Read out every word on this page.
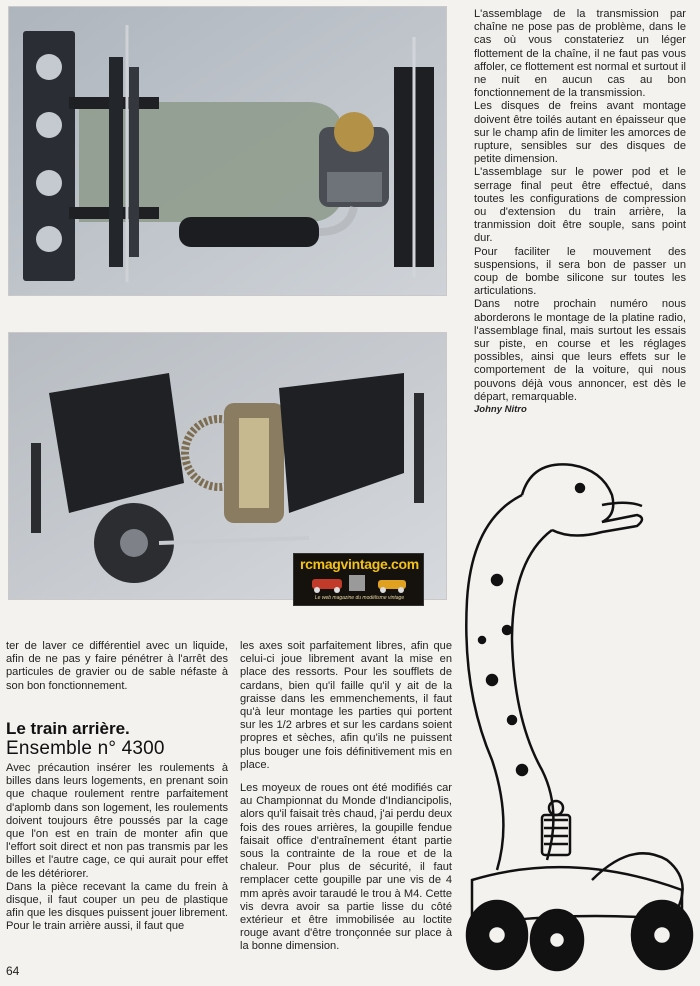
rcmagvintage.com
Le web magazine du modélisme vintage

L'assemblage de la transmission par chaîne ne pose pas de problème, dans le cas où vous constateriez un léger flottement de la chaîne, il ne faut pas vous affoler, ce flottement est normal et surtout il ne nuit en aucun cas au bon fonctionnement de la transmission.

Les disques de freins avant montage doivent être toilés autant en épaisseur que sur le champ afin de limiter les amorces de rupture, sensibles sur des disques de petite dimension.

L'assemblage sur le power pod et le serrage final peut être effectué, dans toutes les configurations de compression ou d'extension du train arrière, la tranmission doit être souple, sans point dur.

Pour faciliter le mouvement des suspensions, il sera bon de passer un coup de bombe silicone sur toutes les articulations.

Dans notre prochain numéro nous aborderons le montage de la platine radio, l'assemblage final, mais surtout les essais sur piste, en course et les réglages possibles, ainsi que leurs effets sur le comportement de la voiture, qui nous pouvons déjà vous annoncer, est dès le départ, remarquable.

Johny Nitro

ter de laver ce différentiel avec un liquide, afin de ne pas y faire pénétrer à l'arrêt des particules de gravier ou de sable néfaste à son bon fonctionnement.

Le train arrière.
Ensemble n° 4300

Avec précaution insérer les roulements à billes dans leurs logements, en prenant soin que chaque roulement rentre parfaitement d'aplomb dans son logement, les roulements doivent toujours être poussés par la cage que l'on est en train de monter afin que l'effort soit direct et non pas transmis par les billes et l'autre cage, ce qui aurait pour effet de les détériorer.

Dans la pièce recevant la came du frein à disque, il faut couper un peu de plastique afin que les disques puissent jouer librement.

Pour le train arrière aussi, il faut que

les axes soit parfaitement libres, afin que celui-ci joue librement avant la mise en place des ressorts. Pour les soufflets de cardans, bien qu'il faille qu'il y ait de la graisse dans les emmenchements, il faut qu'à leur montage les parties qui portent sur les 1/2 arbres et sur les cardans soient propres et sèches, afin qu'ils ne puissent plus bouger une fois définitivement mis en place.

Les moyeux de roues ont été modifiés car au Championnat du Monde d'Indiancipolis, alors qu'il faisait très chaud, j'ai perdu deux fois des roues arrières, la goupille fendue faisait office d'entraînement étant partie sous la contrainte de la roue et de la chaleur. Pour plus de sécurité, il faut remplacer cette goupille par une vis de 4 mm après avoir taraudé le trou à M4. Cette vis devra avoir sa partie lisse du côté extérieur et être immobilisée au loctite rouge avant d'être tronçonnée sur place à la bonne dimension.

64
